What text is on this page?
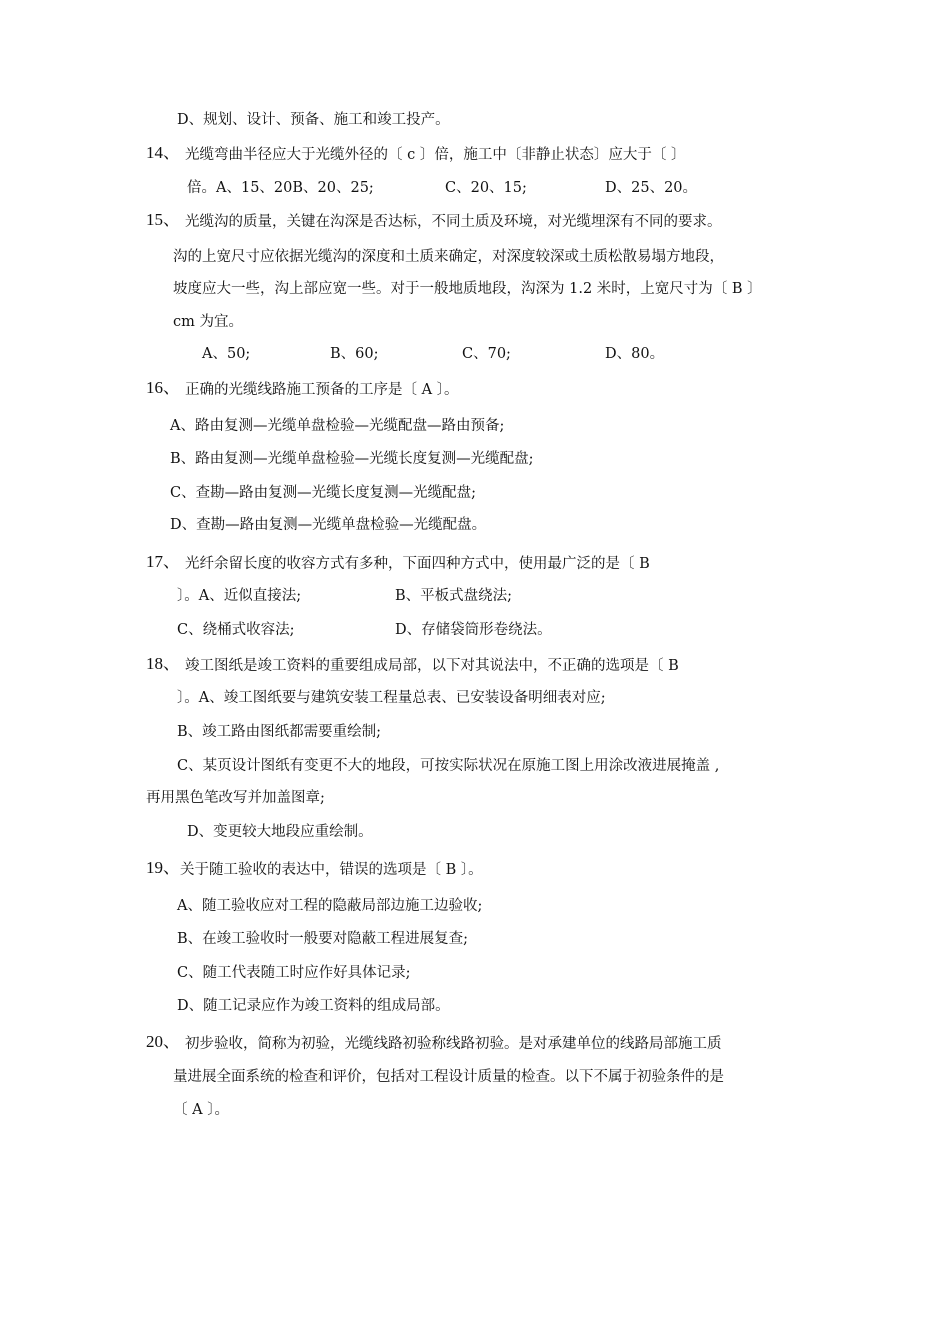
D、规划、设计、预备、施工和竣工投产。
14、 光缆弯曲半径应大于光缆外径的〔 c 〕倍，施工中〔非静止状态〕应大于〔 〕
倍。A、15、20B、20、25;	C、20、15;	D、25、20。
15、 光缆沟的质量，关键在沟深是否达标，不同土质及环境，对光缆埋深有不同的要求。
沟的上宽尺寸应依据光缆沟的深度和土质来确定，对深度较深或土质松散易塌方地段，
坡度应大一些，沟上部应宽一些。对于一般地质地段，沟深为 1.2 米时，上宽尺寸为〔 B 〕
cm 为宜。
A、50;	B、60;	C、70;	D、80。
16、 正确的光缆线路施工预备的工序是〔 A 〕。
A、路由复测—光缆单盘检验—光缆配盘—路由预备;
B、路由复测—光缆单盘检验—光缆长度复测—光缆配盘;
C、查勘—路由复测—光缆长度复测—光缆配盘;
D、查勘—路由复测—光缆单盘检验—光缆配盘。
17、 光纤余留长度的收容方式有多种，下面四种方式中，使用最广泛的是〔 B
〕。A、近似直接法;	B、平板式盘绕法;
C、绕桶式收容法;	D、存储袋筒形卷绕法。
18、 竣工图纸是竣工资料的重要组成局部，以下对其说法中，不正确的选项是〔 B
〕。A、竣工图纸要与建筑安装工程量总表、已安装设备明细表对应;
B、竣工路由图纸都需要重绘制;
C、某页设计图纸有变更不大的地段，可按实际状况在原施工图上用涂改液进展掩盖 ,
再用黑色笔改写并加盖图章;
D、变更较大地段应重绘制。
19、 关于随工验收的表达中，错误的选项是〔 B 〕。
A、随工验收应对工程的隐蔽局部边施工边验收;
B、在竣工验收时一般要对隐蔽工程进展复查;
C、随工代表随工时应作好具体记录;
D、随工记录应作为竣工资料的组成局部。
20、 初步验收，简称为初验，光缆线路初验称线路初验。是对承建单位的线路局部施工质
量进展全面系统的检查和评价，包括对工程设计质量的检查。以下不属于初验条件的是
〔 A 〕。
